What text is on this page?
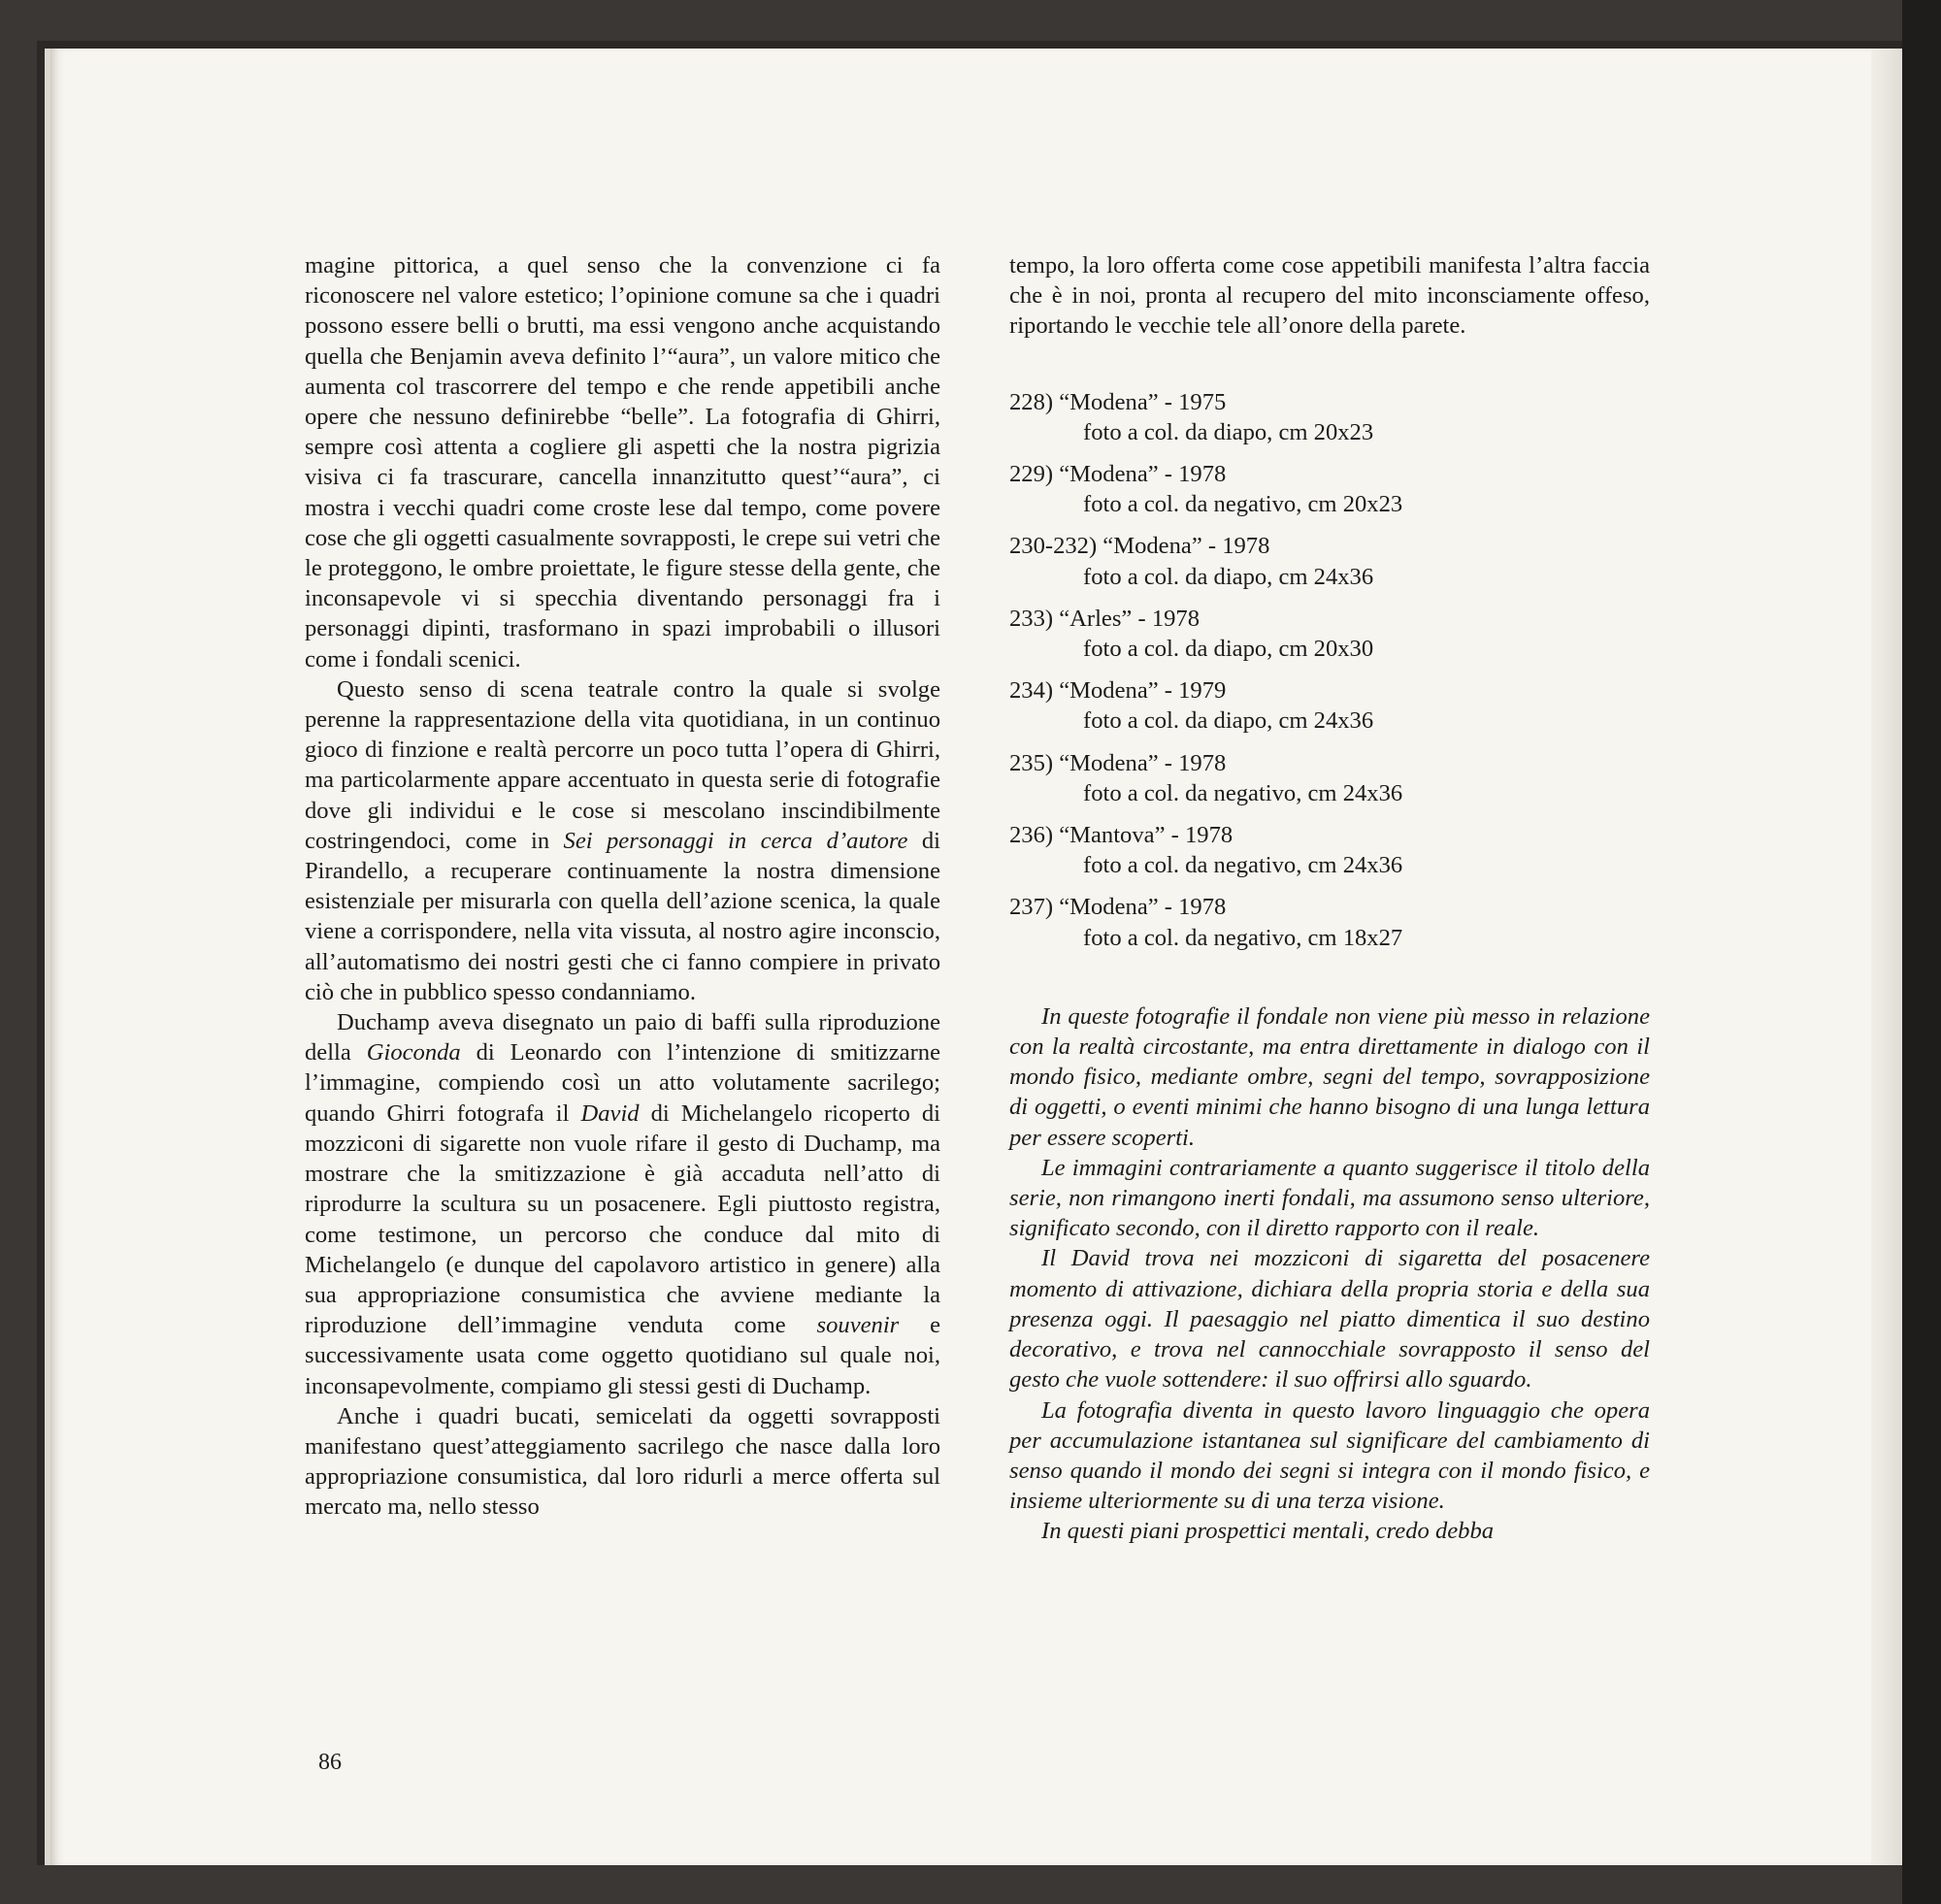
magine pittorica, a quel senso che la convenzione ci fa riconoscere nel valore estetico; l’opinione comune sa che i quadri possono essere belli o brutti, ma essi vengono anche acquistando quella che Benjamin aveva definito l’“aura”, un valore mitico che aumenta col trascorrere del tempo e che rende appetibili anche opere che nessuno definirebbe “belle”. La fotografia di Ghirri, sempre così attenta a cogliere gli aspetti che la nostra pigrizia visiva ci fa trascurare, cancella innanzitutto quest’“aura”, ci mostra i vecchi quadri come croste lese dal tempo, come povere cose che gli oggetti casualmente sovrapposti, le crepe sui vetri che le proteggono, le ombre proiettate, le figure stesse della gente, che inconsapevole vi si specchia diventando personaggi fra i personaggi dipinti, trasformano in spazi improbabili o illusori come i fondali scenici.

Questo senso di scena teatrale contro la quale si svolge perenne la rappresentazione della vita quotidiana, in un continuo gioco di finzione e realtà percorre un poco tutta l’opera di Ghirri, ma particolarmente appare accentuato in questa serie di fotografie dove gli individui e le cose si mescolano inscindibilmente costringendoci, come in Sei personaggi in cerca d’autore di Pirandello, a recuperare continuamente la nostra dimensione esistenziale per misurarla con quella dell’azione scenica, la quale viene a corrispondere, nella vita vissuta, al nostro agire inconscio, all’automatismo dei nostri gesti che ci fanno compiere in privato ciò che in pubblico spesso condanniamo.

Duchamp aveva disegnato un paio di baffi sulla riproduzione della Gioconda di Leonardo con l’intenzione di smitizzarne l’immagine, compiendo così un atto volutamente sacrilego; quando Ghirri fotografa il David di Michelangelo ricoperto di mozziconi di sigarette non vuole rifare il gesto di Duchamp, ma mostrare che la smitizzazione è già accaduta nell’atto di riprodurre la scultura su un posacenere. Egli piuttosto registra, come testimone, un percorso che conduce dal mito di Michelangelo (e dunque del capolavoro artistico in genere) alla sua appropriazione consumistica che avviene mediante la riproduzione dell’immagine venduta come souvenir e successivamente usata come oggetto quotidiano sul quale noi, inconsapevolmente, compiamo gli stessi gesti di Duchamp.

Anche i quadri bucati, semicelati da oggetti sovrapposti manifestano quest’atteggiamento sacrilego che nasce dalla loro appropriazione consumistica, dal loro ridurli a merce offerta sul mercato ma, nello stesso

tempo, la loro offerta come cose appetibili manifesta l’altra faccia che è in noi, pronta al recupero del mito inconsciamente offeso, riportando le vecchie tele all’onore della parete.

228) “Modena” - 1975
foto a col. da diapo, cm 20x23
229) “Modena” - 1978
foto a col. da negativo, cm 20x23
230-232) “Modena” - 1978
foto a col. da diapo, cm 24x36
233) “Arles” - 1978
foto a col. da diapo, cm 20x30
234) “Modena” - 1979
foto a col. da diapo, cm 24x36
235) “Modena” - 1978
foto a col. da negativo, cm 24x36
236) “Mantova” - 1978
foto a col. da negativo, cm 24x36
237) “Modena” - 1978
foto a col. da negativo, cm 18x27

In queste fotografie il fondale non viene più messo in relazione con la realtà circostante, ma entra direttamente in dialogo con il mondo fisico, mediante ombre, segni del tempo, sovrapposizione di oggetti, o eventi minimi che hanno bisogno di una lunga lettura per essere scoperti.

Le immagini contrariamente a quanto suggerisce il titolo della serie, non rimangono inerti fondali, ma assumono senso ulteriore, significato secondo, con il diretto rapporto con il reale.

Il David trova nei mozziconi di sigaretta del posacenere momento di attivazione, dichiara della propria storia e della sua presenza oggi. Il paesaggio nel piatto dimentica il suo destino decorativo, e trova nel cannocchiale sovrapposto il senso del gesto che vuole sottendere: il suo offrirsi allo sguardo.

La fotografia diventa in questo lavoro linguaggio che opera per accumulazione istantanea sul significare del cambiamento di senso quando il mondo dei segni si integra con il mondo fisico, e insieme ulteriormente su di una terza visione.

In questi piani prospettici mentali, credo debba

86
